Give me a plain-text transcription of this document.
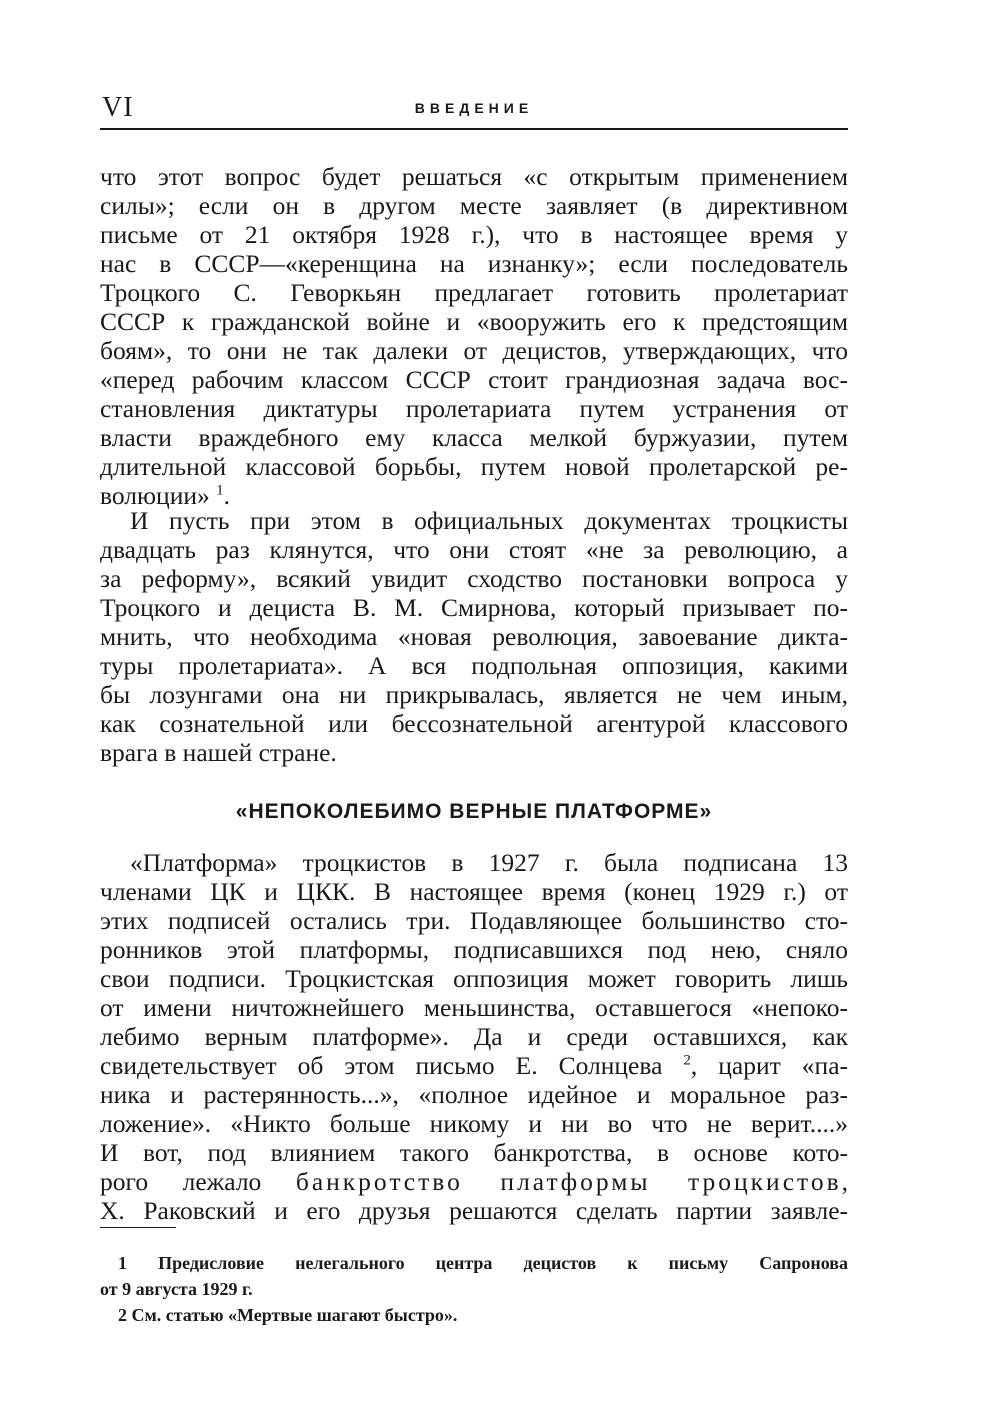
VI	ВВЕДЕНИЕ
что этот вопрос будет решаться «с открытым применением
силы»; если он в другом месте заявляет (в директивном
письме от 21 октября 1928 г.), что в настоящее время у
нас в СССР—«керенщина на изнанку»; если последователь
Троцкого С. Геворкьян предлагает готовить пролетариат
СССР к гражданской войне и «вооружить его к предстоящим
боям», то они не так далеки от децистов, утверждающих, что
«перед рабочим классом СССР стоит грандиозная задача вос-
становления диктатуры пролетариата путем устранения от
власти враждебного ему класса мелкой буржуазии, путем
длительной классовой борьбы, путем новой пролетарской ре-
волюции» $^1$.
И пусть при этом в официальных документах троцкисты
двадцать раз клянутся, что они стоят «не за революцию, а
за реформу», всякий увидит сходство постановки вопроса у
Троцкого и дециста В. М. Смирнова, который призывает по-
мнить, что необходима «новая революция, завоевание дикта-
туры пролетариата». А вся подпольная оппозиция, какими
бы лозунгами она ни прикрывалась, является не чем иным,
как сознательной или бессознательной агентурой классового
врага в нашей стране.
«НЕПОКОЛЕБИМО ВЕРНЫЕ ПЛАТФОРМЕ»
«Платформа» троцкистов в 1927 г. была подписана 13
членами ЦК и ЦКК. В настоящее время (конец 1929 г.) от
этих подписей остались три. Подавляющее большинство сто-
ронников этой платформы, подписавшихся под нею, сняло
свои подписи. Троцкистская оппозиция может говорить лишь
от имени ничтожнейшего меньшинства, оставшегося «непоко-
лебимо верным платформе». Да и среди оставшихся, как
свидетельствует об этом письмо Е. Солнцева $^2$, царит «па-
ника и растерянность...», «полное идейное и моральное раз-
ложение». «Никто больше никому и ни во что не верит....»
И вот, под влиянием такого банкротства, в основе кото-
рого лежало банкротство платформы троцкистов,
Х. Раковский и его друзья решаются сделать партии заявле-
1 Предисловие нелегального центра децистов к письму Сапронова
от 9 августа 1929 г.
2 См. статью «Мертвые шагают быстро».
